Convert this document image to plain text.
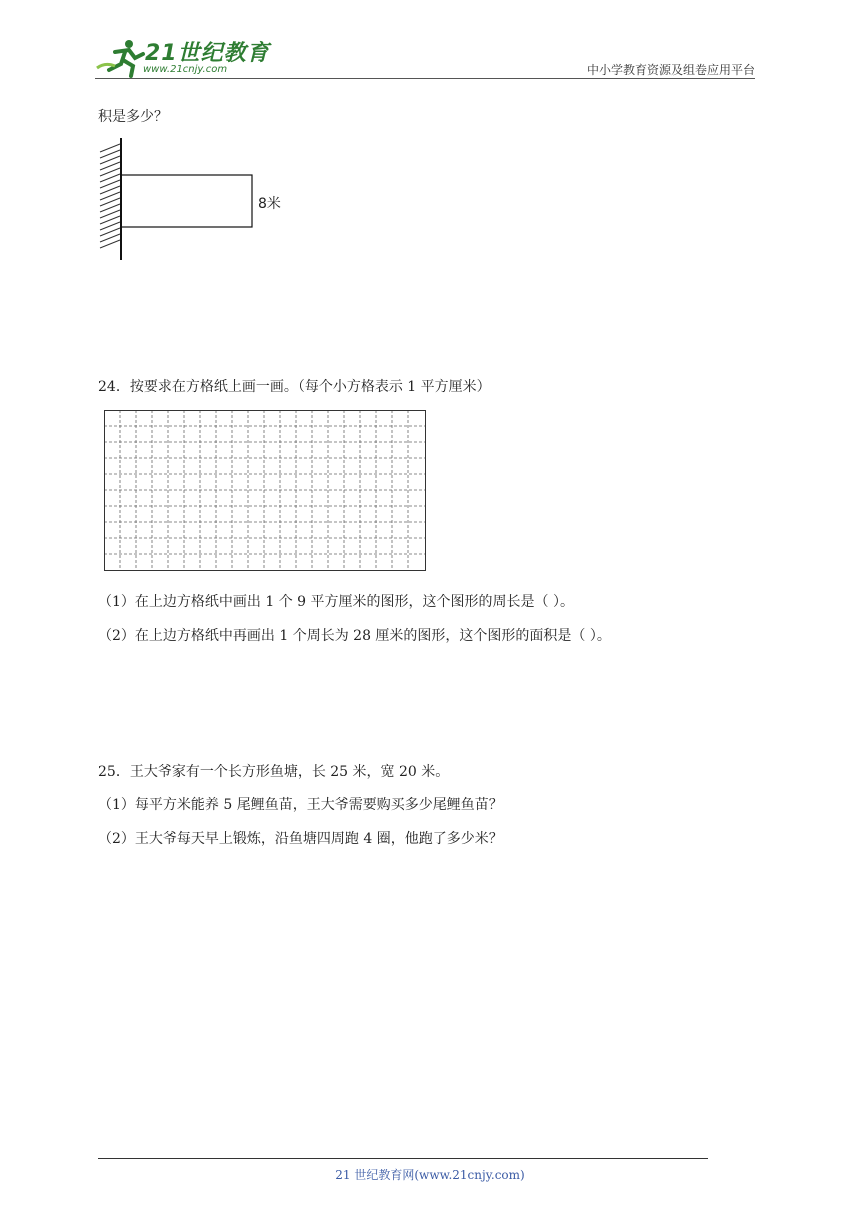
21世纪教育
www.21cnjy.com	中小学教育资源及组卷应用平台
积是多少？
8米
24．按要求在方格纸上画一画。（每个小方格表示 1 平方厘米）
（1）在上边方格纸中画出 1 个 9 平方厘米的图形，这个图形的周长是（ ）。
（2）在上边方格纸中再画出 1 个周长为 28 厘米的图形，这个图形的面积是（ ）。
25．王大爷家有一个长方形鱼塘，长 25 米，宽 20 米。
（1）每平方米能养 5 尾鲤鱼苗，王大爷需要购买多少尾鲤鱼苗？
（2）王大爷每天早上锻炼，沿鱼塘四周跑 4 圈，他跑了多少米？
21 世纪教育网(www.21cnjy.com)
